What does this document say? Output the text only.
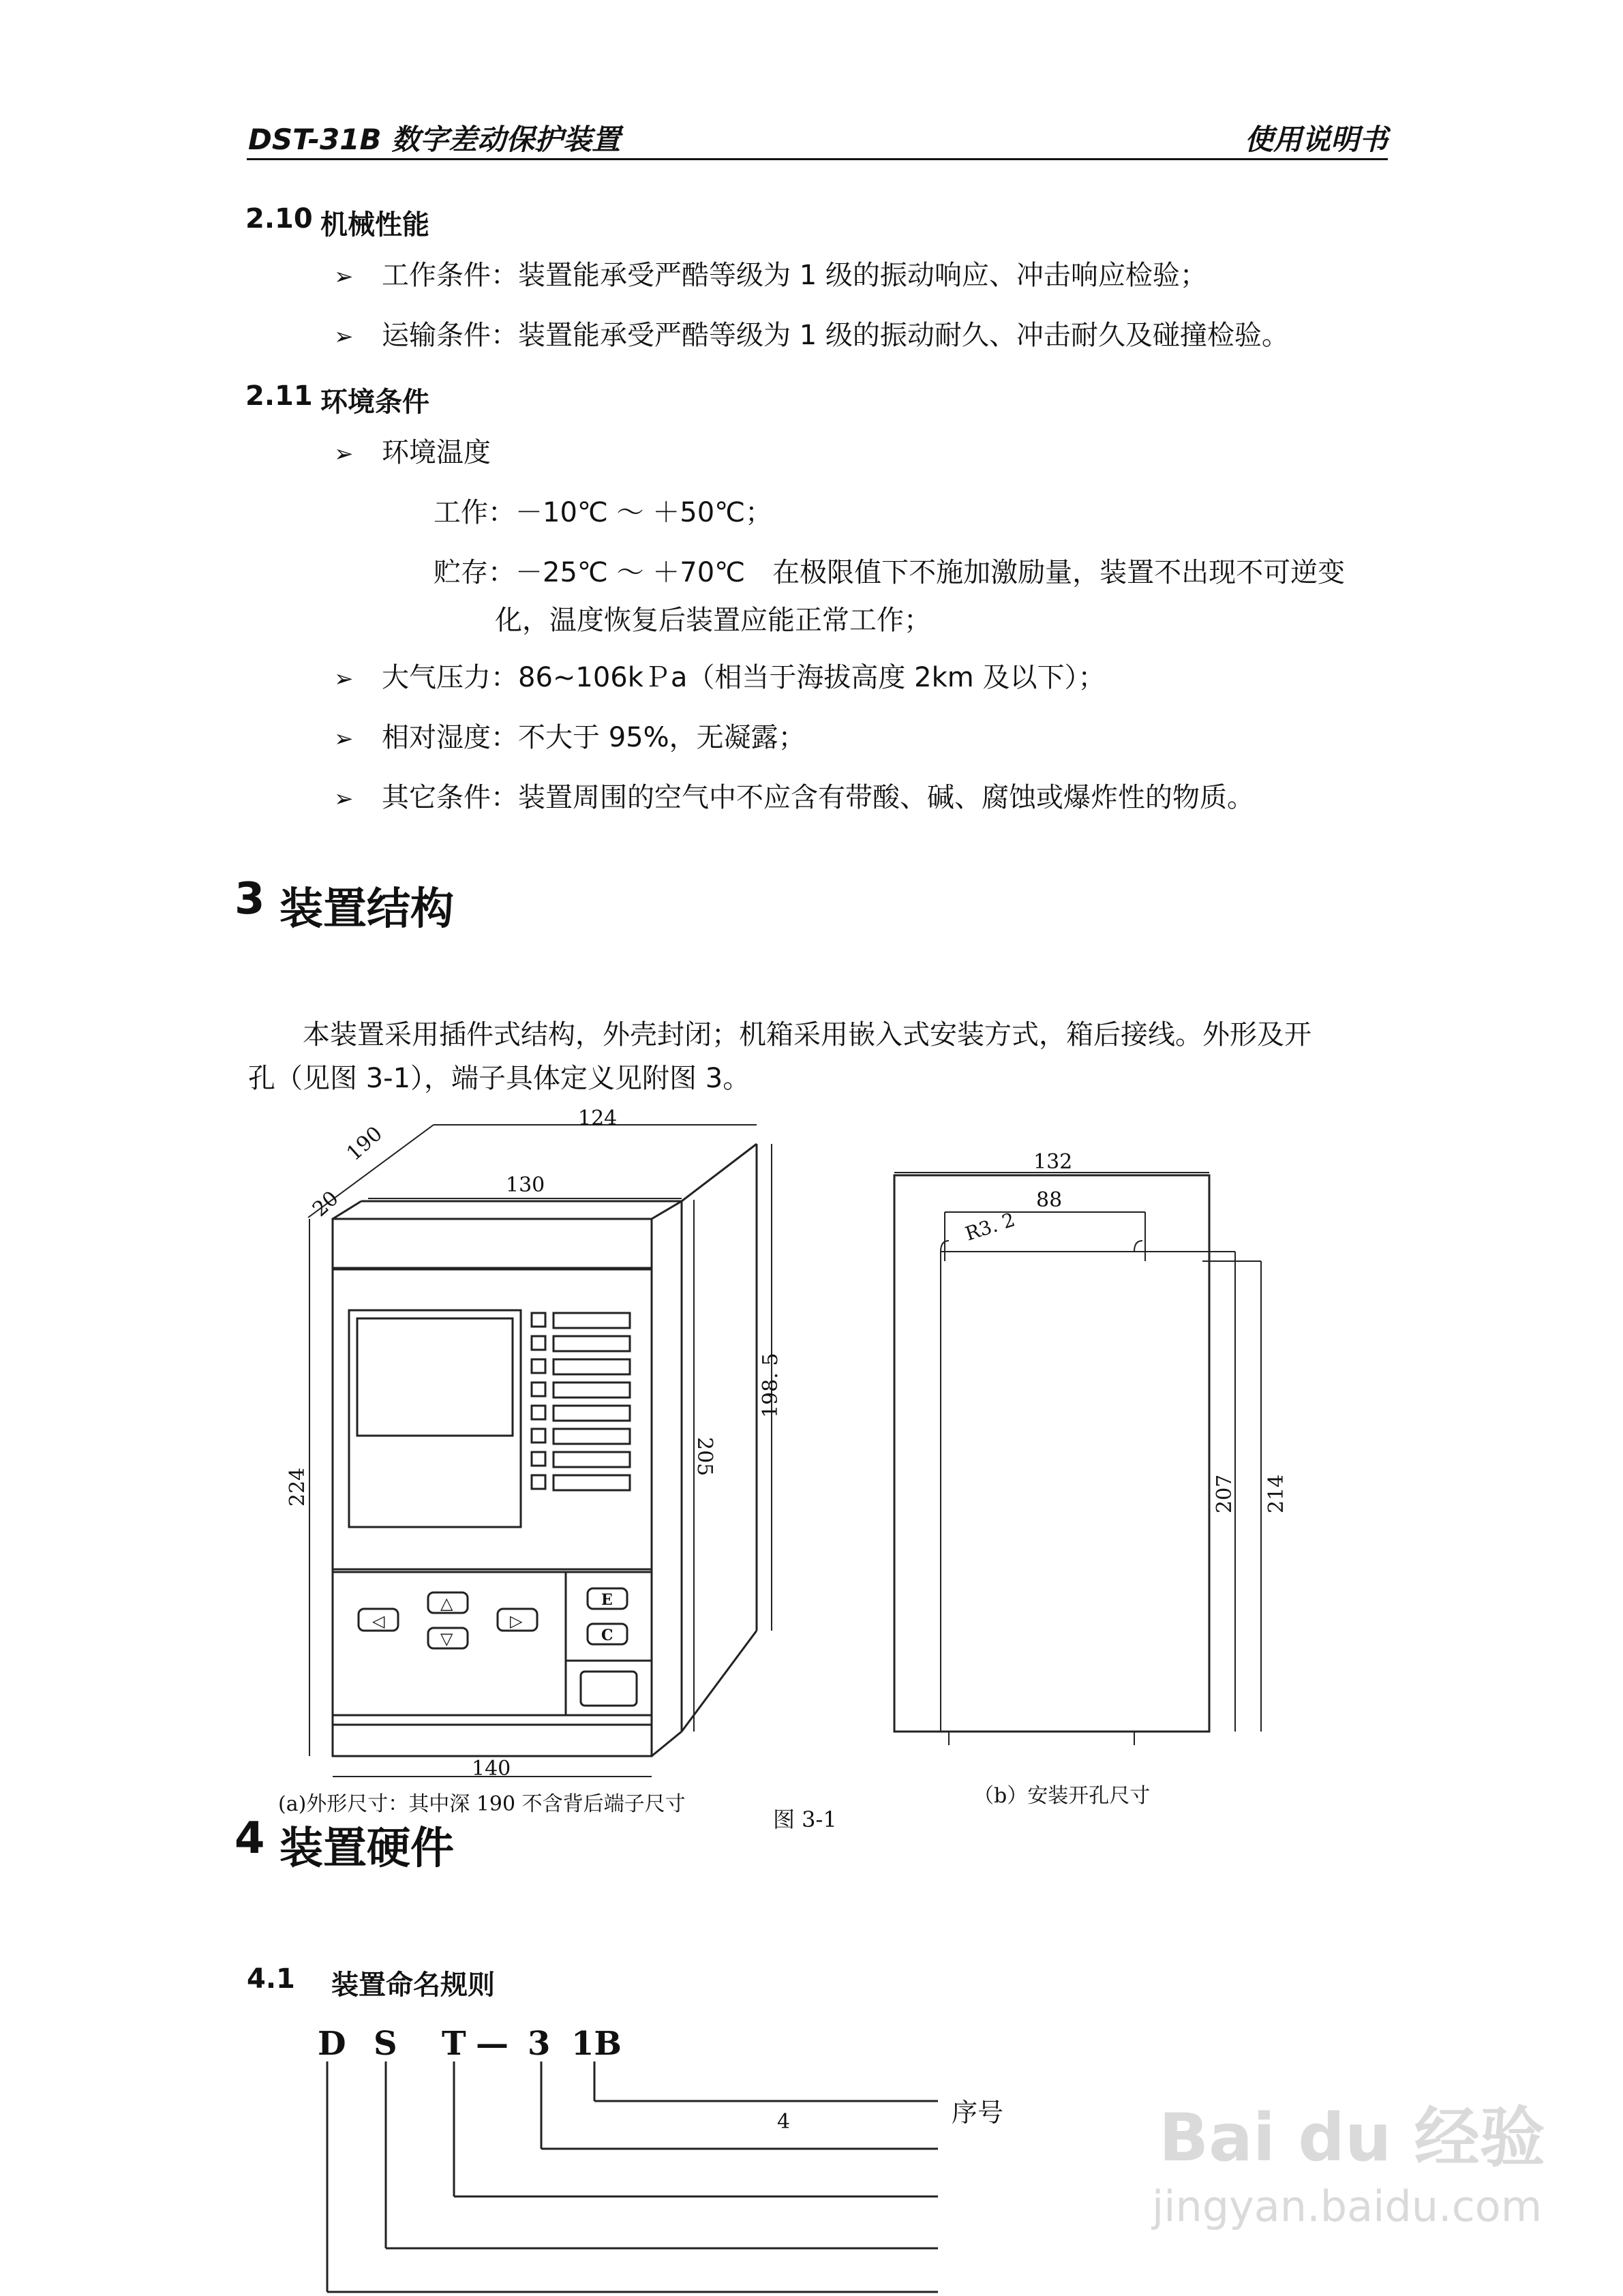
DST-31B 数字差动保护装置	使用说明书
2.10 机械性能
➢ 工作条件：装置能承受严酷等级为 1 级的振动响应、冲击响应检验；
➢ 运输条件：装置能承受严酷等级为 1 级的振动耐久、冲击耐久及碰撞检验。
2.11 环境条件
➢ 环境温度
工作：－10℃ ～ ＋50℃；
贮存：－25℃ ～ ＋70℃　在极限值下不施加激励量，装置不出现不可逆变
化，温度恢复后装置应能正常工作；
➢ 大气压力：86~106kＰa（相当于海拔高度 2km 及以下）；
➢ 相对湿度：不大于 95%，无凝露；
➢ 其它条件：装置周围的空气中不应含有带酸、碱、腐蚀或爆炸性的物质。
3 装置结构
本装置采用插件式结构，外壳封闭；机箱采用嵌入式安装方式，箱后接线。外形及开
孔（见图 3-1），端子具体定义见附图 3。
190
124
130
20
198. 5
205
224
140
132
88
R3. 2
207 214
◁
△
▽
▷
E
C
(a)外形尺寸：其中深 190 不含背后端子尺寸
图 3-1
（b）安装开孔尺寸
D S T — 3 1B
4
4 装置硬件
4.1 装置命名规则
序号 Bai du 经验
jingyan.baidu.com
